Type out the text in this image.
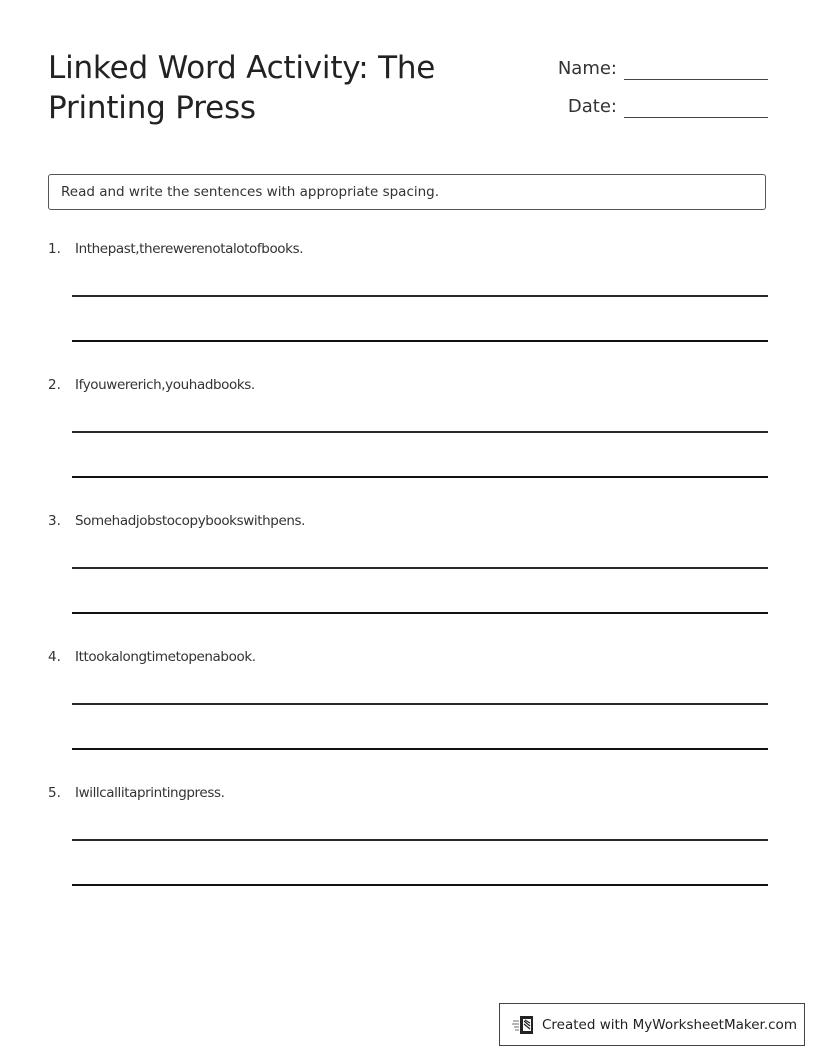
Linked Word Activity: The Printing Press
Name:
Date:
Read and write the sentences with appropriate spacing.
1.	Inthepast,therewerenotalotofbooks.
2.	Ifyouwererich,youhadbooks.
3.	Somehadjobstocopybookswithpens.
4.	Ittookalongtimetopenabook.
5.	Iwillcallitaprintingpress.
Created with MyWorksheetMaker.com
